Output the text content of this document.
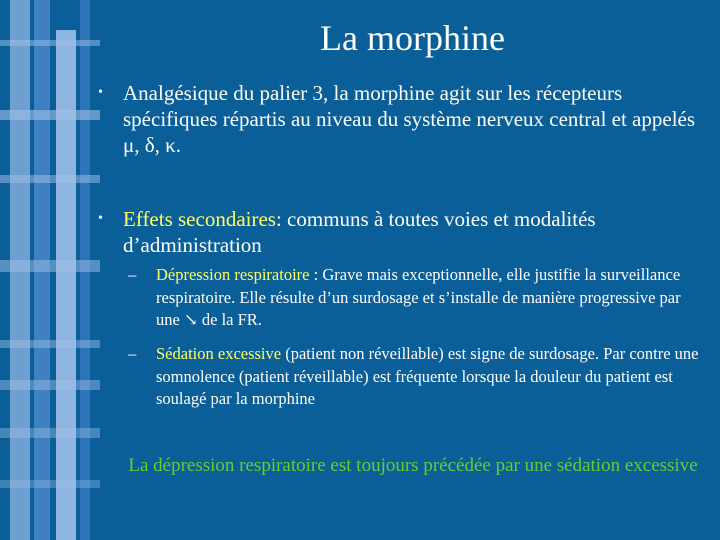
La morphine
• Analgésique du palier 3, la morphine agit sur les récepteurs spécifiques répartis au niveau du système nerveux central et appelés μ, δ, κ.
• Effets secondaires: communs à toutes voies et modalités d’administration
– Dépression respiratoire : Grave mais exceptionnelle, elle justifie la surveillance respiratoire. Elle résulte d’un surdosage et s’installe de manière progressive par une ↘ de la FR.
– Sédation excessive (patient non réveillable) est signe de surdosage. Par contre une somnolence (patient réveillable) est fréquente lorsque la douleur du patient est soulagé par la morphine
La dépression respiratoire est toujours précédée par une sédation excessive
